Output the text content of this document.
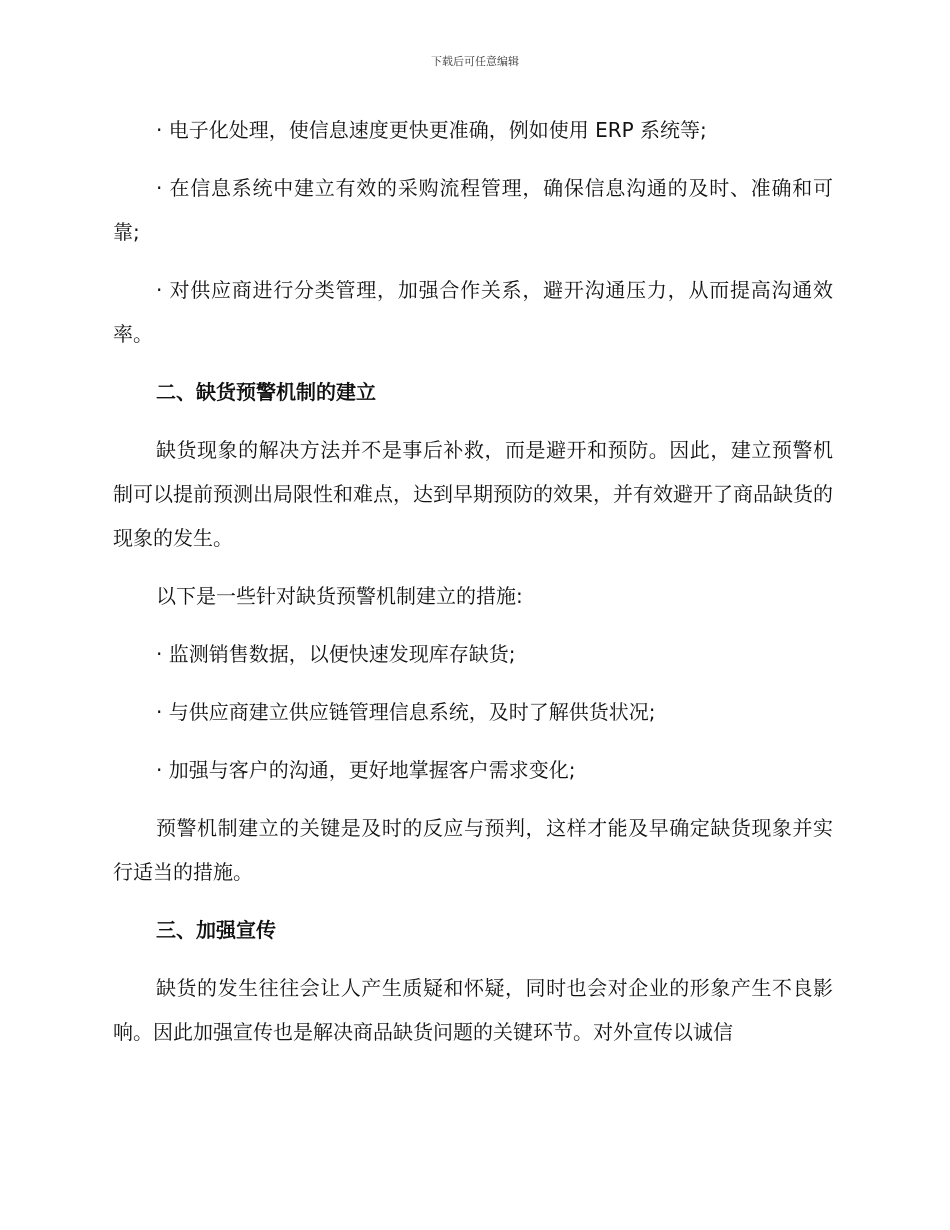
下载后可任意编辑

· 电子化处理，使信息速度更快更准确，例如使用 ERP 系统等;

· 在信息系统中建立有效的采购流程管理，确保信息沟通的及时、准确和可靠;

· 对供应商进行分类管理，加强合作关系，避开沟通压力，从而提高沟通效率。

二、缺货预警机制的建立

缺货现象的解决方法并不是事后补救，而是避开和预防。因此，建立预警机制可以提前预测出局限性和难点，达到早期预防的效果，并有效避开了商品缺货的现象的发生。

以下是一些针对缺货预警机制建立的措施:

· 监测销售数据，以便快速发现库存缺货;

· 与供应商建立供应链管理信息系统，及时了解供货状况;

· 加强与客户的沟通，更好地掌握客户需求变化;

预警机制建立的关键是及时的反应与预判，这样才能及早确定缺货现象并实行适当的措施。

三、加强宣传

缺货的发生往往会让人产生质疑和怀疑，同时也会对企业的形象产生不良影响。因此加强宣传也是解决商品缺货问题的关键环节。对外宣传以诚信
